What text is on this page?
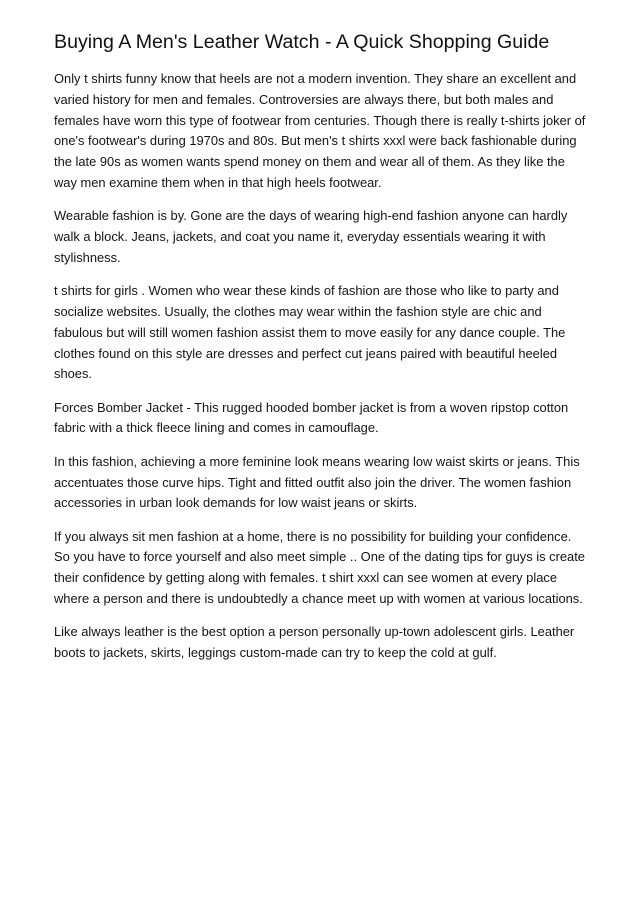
Buying A Men's Leather Watch - A Quick Shopping Guide

Only t shirts funny know that heels are not a modern invention. They share an excellent and
varied history for men and females. Controversies are always there, but both males and
females have worn this type of footwear from centuries. Though there is really t-shirts joker of
one's footwear's during 1970s and 80s. But men's t shirts xxxl were back fashionable during
the late 90s as women wants spend money on them and wear all of them. As they like the
way men examine them when in that high heels footwear.

Wearable fashion is by. Gone are the days of wearing high-end fashion anyone can hardly
walk a block. Jeans, jackets, and coat you name it, everyday essentials wearing it with
stylishness.

t shirts for girls . Women who wear these kinds of fashion are those who like to party and
socialize websites. Usually, the clothes may wear within the fashion style are chic and
fabulous but will still women fashion assist them to move easily for any dance couple. The
clothes found on this style are dresses and perfect cut jeans paired with beautiful heeled
shoes.

Forces Bomber Jacket - This rugged hooded bomber jacket is from a woven ripstop cotton
fabric with a thick fleece lining and comes in camouflage.

In this fashion, achieving a more feminine look means wearing low waist skirts or jeans. This
accentuates those curve hips. Tight and fitted outfit also join the driver. The women fashion
accessories in urban look demands for low waist jeans or skirts.

If you always sit men fashion at a home, there is no possibility for building your confidence.
So you have to force yourself and also meet simple .. One of the dating tips for guys is create
their confidence by getting along with females. t shirt xxxl can see women at every place
where a person and there is undoubtedly a chance meet up with women at various locations.

Like always leather is the best option a person personally up-town adolescent girls. Leather
boots to jackets, skirts, leggings custom-made can try to keep the cold at gulf.
